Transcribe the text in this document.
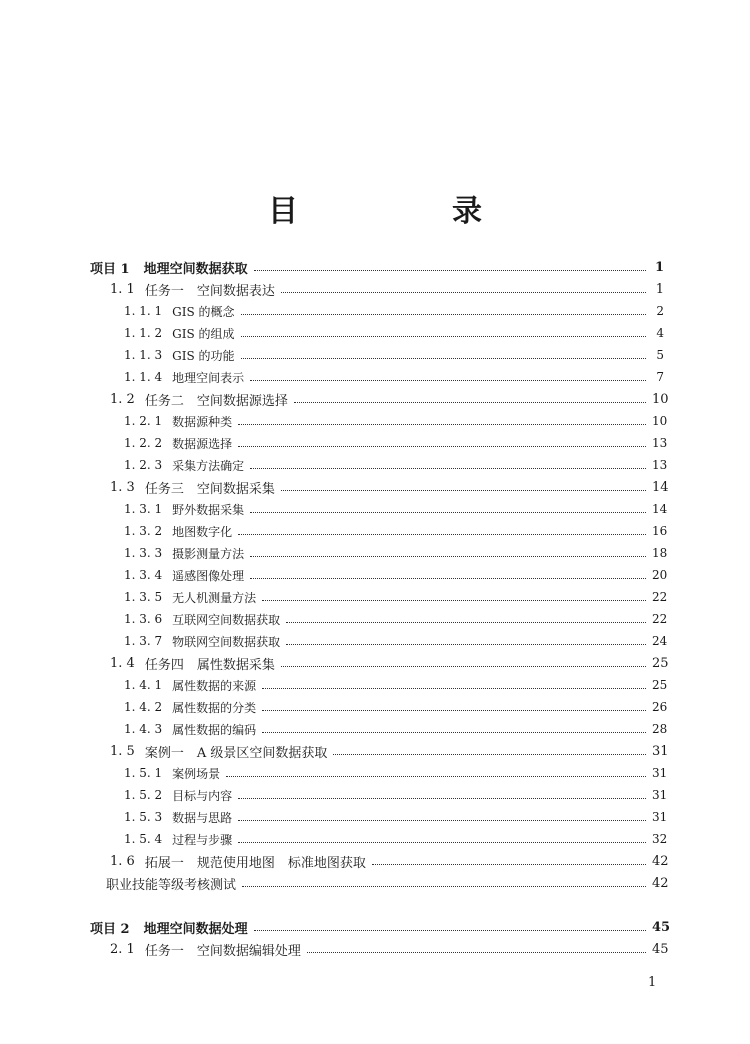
目　录
项目 1 地理空间数据获取	1
1. 1 任务一　空间数据表达	1
1. 1. 1 GIS 的概念	2
1. 1. 2 GIS 的组成	4
1. 1. 3 GIS 的功能	5
1. 1. 4 地理空间表示	7
1. 2 任务二　空间数据源选择	10
1. 2. 1 数据源种类	10
1. 2. 2 数据源选择	13
1. 2. 3 采集方法确定	13
1. 3 任务三　空间数据采集	14
1. 3. 1 野外数据采集	14
1. 3. 2 地图数字化	16
1. 3. 3 摄影测量方法	18
1. 3. 4 遥感图像处理	20
1. 3. 5 无人机测量方法	22
1. 3. 6 互联网空间数据获取	22
1. 3. 7 物联网空间数据获取	24
1. 4 任务四　属性数据采集	25
1. 4. 1 属性数据的来源	25
1. 4. 2 属性数据的分类	26
1. 4. 3 属性数据的编码	28
1. 5 案例一　A 级景区空间数据获取	31
1. 5. 1 案例场景	31
1. 5. 2 目标与内容	31
1. 5. 3 数据与思路	31
1. 5. 4 过程与步骤	32
1. 6 拓展一　规范使用地图　标准地图获取	42
职业技能等级考核测试	42
项目 2 地理空间数据处理	45
2. 1 任务一　空间数据编辑处理	45
1
